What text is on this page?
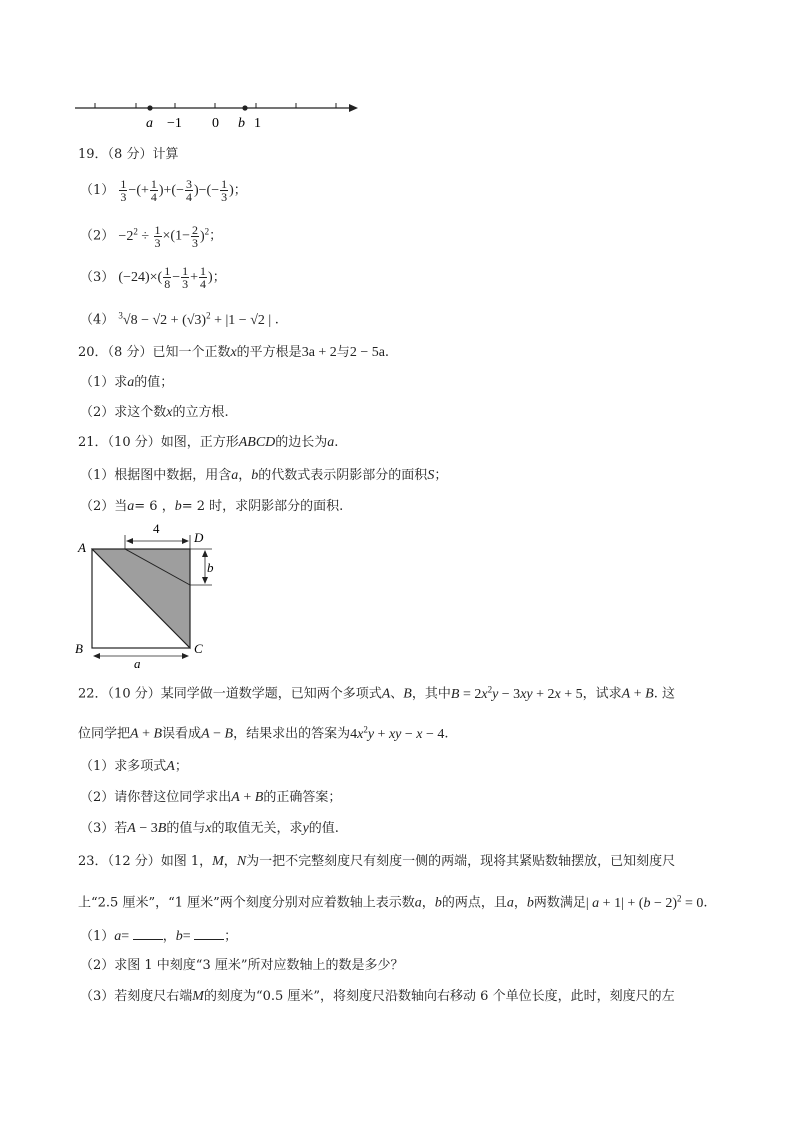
a −1 0 b 1
19．（8 分）计算
$(1) \frac{1}{3}$ −(+ $\frac{1}{4}$ )+(− $\frac{3}{4}$ )−(− $\frac{1}{3}$ )；
$(2) -2^2 \div \frac{1}{3} \times(1- \frac{2}{3} )^2$；
（3） $(-24)\times( \frac{1}{8} - \frac{1}{3} + \frac{1}{4}$ )；
（4） $^3√8 - √2 + (√3)^2 + |1 - √2$ | .
20．（8 分）已知一个正数x的平方根是3a + 2与2 − 5a.
（1）求a的值；
（2）求这个数x的立方根.
21．（10 分）如图，正方形ABCD的边长为a.
（1）根据图中数据，用含a，b的代数式表示阴影部分的面积S；
（2）当a= 6 ，b= 2 时，求阴影部分的面积.
A
B	C
D
4
b
a
22．（10 分）某同学做一道数学题，已知两个多项式A、B，其中$B = 2x^2y - 3xy + 2x + 5$，试求A + B. 这
位同学把A + B误看成A − B，结果求出的答案为$4x^2y$ + xy − x − 4.
（1）求多项式A；
（2）请你替这位同学求出A + B的正确答案；
（3）若A − 3B的值与x的取值无关，求y的值.
23．（12 分）如图 1，M，N为一把不完整刻度尺有刻度一侧的两端，现将其紧贴数轴摆放，已知刻度尺
上“2.5 厘米”，“1 厘米”两个刻度分别对应着数轴上表示数a，b的两点，且a，b两数满足| $a + 1| + (b - 2)^2 = 0$.
（1）a= ，b= ；
（2）求图 1 中刻度“3 厘米”所对应数轴上的数是多少？
（3）若刻度尺右端M的刻度为“0.5 厘米”，将刻度尺沿数轴向右移动 6 个单位长度，此时，刻度尺的左
